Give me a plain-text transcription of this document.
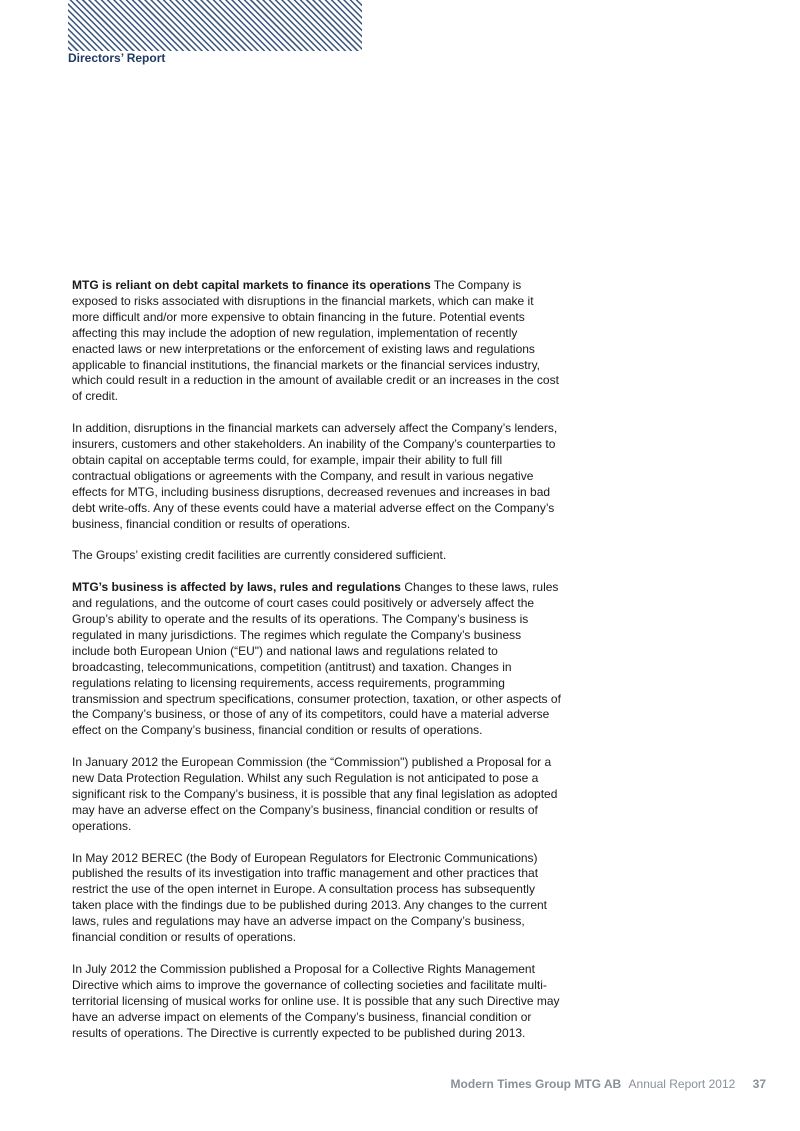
Directors’ Report

MTG is reliant on debt capital markets to finance its operations The Company is exposed to risks associated with disruptions in the financial markets, which can make it more difficult and/or more expensive to obtain financing in the future. Potential events affecting this may include the adoption of new regulation, implementation of recently enacted laws or new interpretations or the enforcement of existing laws and regulations applicable to financial institutions, the financial markets or the financial services industry, which could result in a reduction in the amount of available credit or an increases in the cost of credit.

In addition, disruptions in the financial markets can adversely affect the Company’s lenders, insurers, customers and other stakeholders. An inability of the Company’s counterparties to obtain capital on acceptable terms could, for example, impair their ability to full fill contractual obligations or agreements with the Company, and result in various negative effects for MTG, including business disruptions, decreased revenues and increases in bad debt write-offs. Any of these events could have a material adverse effect on the Company’s business, financial condition or results of operations.

The Groups’ existing credit facilities are currently considered sufficient.

MTG’s business is affected by laws, rules and regulations Changes to these laws, rules and regulations, and the outcome of court cases could positively or adversely affect the Group’s ability to operate and the results of its operations. The Company’s business is regulated in many jurisdictions. The regimes which regulate the Company’s business include both European Union (“EU") and national laws and regulations related to broadcasting, telecommunications, competition (antitrust) and taxation. Changes in regulations relating to licensing requirements, access requirements, programming transmission and spectrum specifications, consumer protection, taxation, or other aspects of the Company’s business, or those of any of its competitors, could have a material adverse effect on the Company’s business, financial condition or results of operations.

In January 2012 the European Commission (the “Commission") published a Proposal for a new Data Protection Regulation. Whilst any such Regulation is not anticipated to pose a significant risk to the Company’s business, it is possible that any final legislation as adopted may have an adverse effect on the Company’s business, financial condition or results of operations.

In May 2012 BEREC (the Body of European Regulators for Electronic Communications) published the results of its investigation into traffic management and other practices that restrict the use of the open internet in Europe. A consultation process has subsequently taken place with the findings due to be published during 2013. Any changes to the current laws, rules and regulations may have an adverse impact on the Company’s business, financial condition or results of operations.

In July 2012 the Commission published a Proposal for a Collective Rights Management Directive which aims to improve the governance of collecting societies and facilitate multi-territorial licensing of musical works for online use. It is possible that any such Directive may have an adverse impact on elements of the Company’s business, financial condition or results of operations. The Directive is currently expected to be published during 2013.

Modern Times Group MTG AB Annual Report 2012 37
